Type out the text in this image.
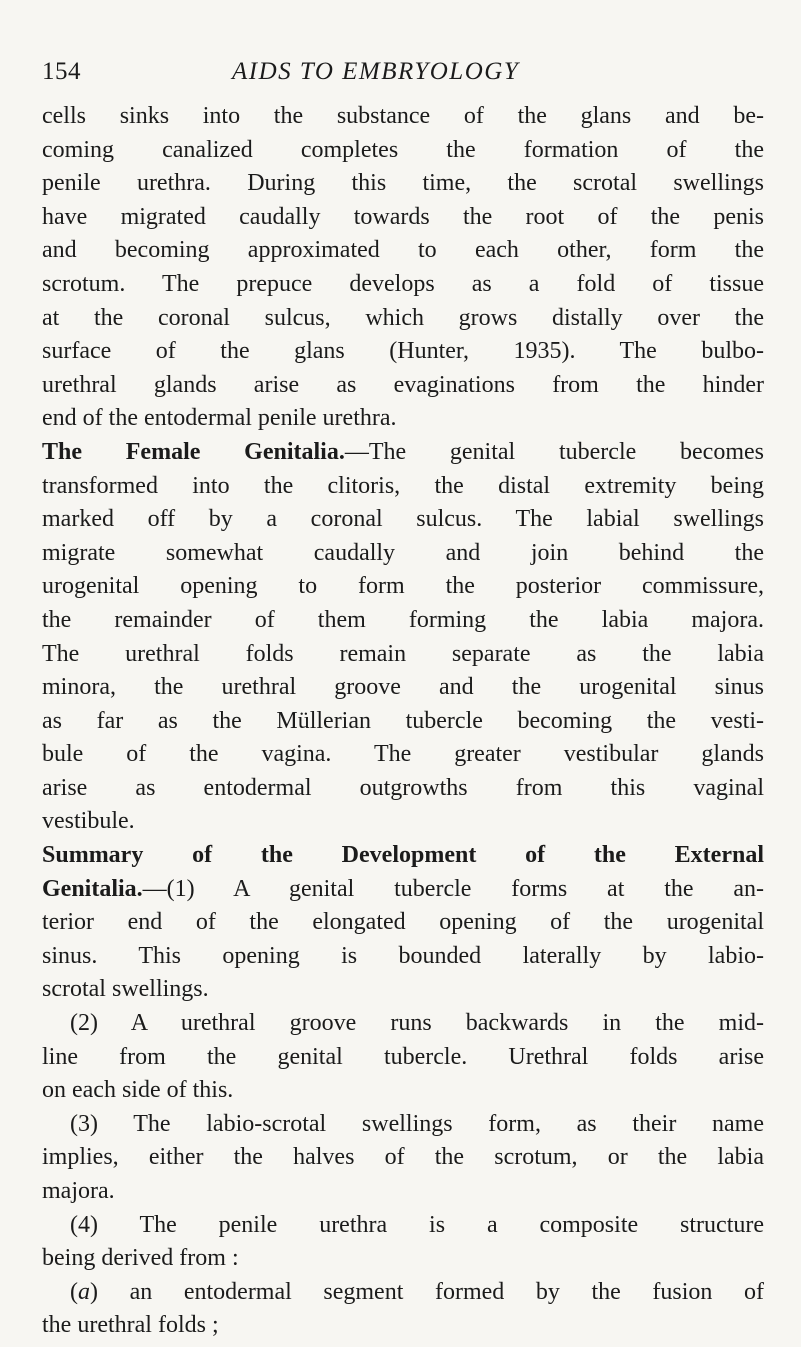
154	AIDS TO EMBRYOLOGY
cells sinks into the substance of the glans and be-
coming canalized completes the formation of the
penile urethra. During this time, the scrotal swellings
have migrated caudally towards the root of the penis
and becoming approximated to each other, form the
scrotum. The prepuce develops as a fold of tissue
at the coronal sulcus, which grows distally over the
surface of the glans (Hunter, 1935). The bulbo-
urethral glands arise as evaginations from the hinder
end of the entodermal penile urethra.
The Female Genitalia.—The genital tubercle becomes
transformed into the clitoris, the distal extremity being
marked off by a coronal sulcus. The labial swellings
migrate somewhat caudally and join behind the
urogenital opening to form the posterior commissure,
the remainder of them forming the labia majora.
The urethral folds remain separate as the labia
minora, the urethral groove and the urogenital sinus
as far as the Müllerian tubercle becoming the vesti-
bule of the vagina. The greater vestibular glands
arise as entodermal outgrowths from this vaginal
vestibule.
Summary of the Development of the External
Genitalia.—(1) A genital tubercle forms at the an-
terior end of the elongated opening of the urogenital
sinus. This opening is bounded laterally by labio-
scrotal swellings.
(2) A urethral groove runs backwards in the mid-
line from the genital tubercle. Urethral folds arise
on each side of this.
(3) The labio-scrotal swellings form, as their name
implies, either the halves of the scrotum, or the labia
majora.
(4) The penile urethra is a composite structure
being derived from :
(a) an entodermal segment formed by the fusion of
the urethral folds ;
